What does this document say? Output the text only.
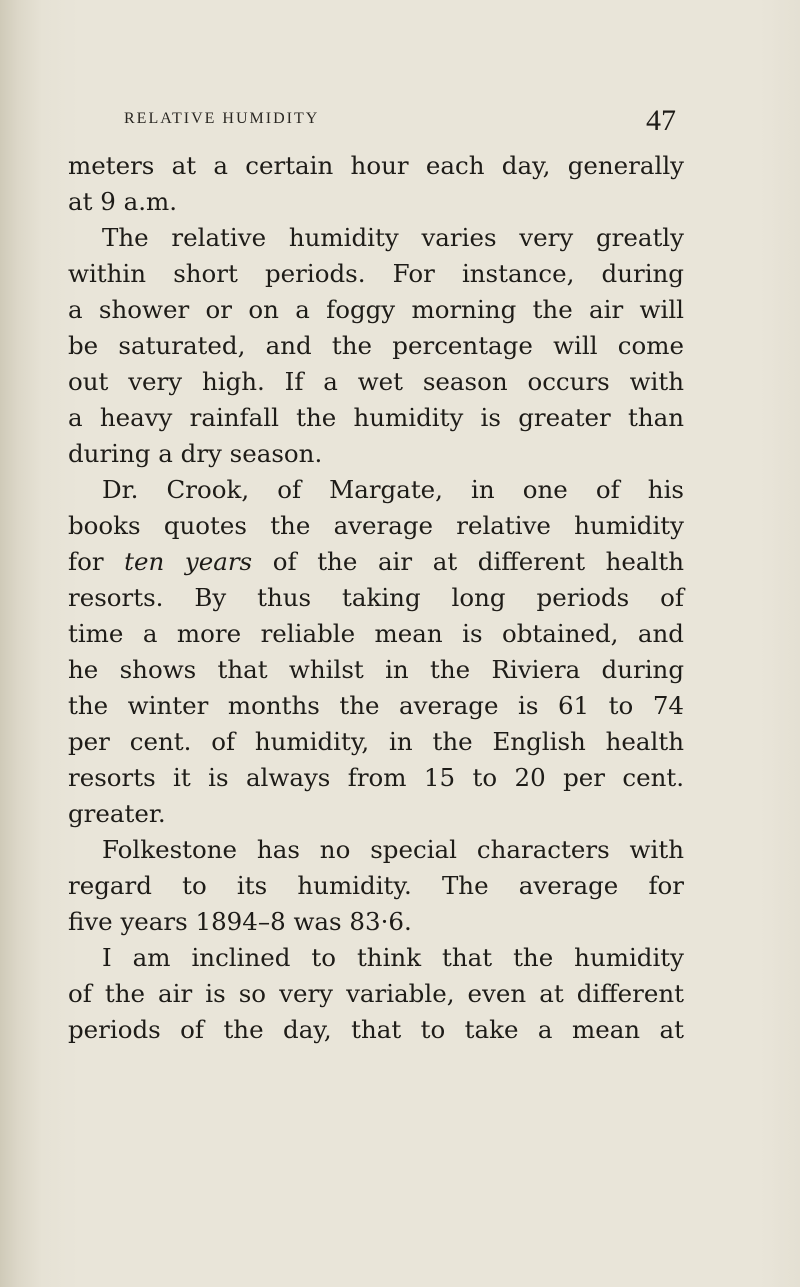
RELATIVE HUMIDITY	47
meters at a certain hour each day, generally
at 9 a.m.
The relative humidity varies very greatly
within short periods. For instance, during
a shower or on a foggy morning the air will
be saturated, and the percentage will come
out very high. If a wet season occurs with
a heavy rainfall the humidity is greater than
during a dry season.
Dr. Crook, of Margate, in one of his
books quotes the average relative humidity
for ten years of the air at different health
resorts. By thus taking long periods of
time a more reliable mean is obtained, and
he shows that whilst in the Riviera during
the winter months the average is 61 to 74
per cent. of humidity, in the English health
resorts it is always from 15 to 20 per cent.
greater.
Folkestone has no special characters with
regard to its humidity. The average for
five years 1894–8 was 83·6.
I am inclined to think that the humidity
of the air is so very variable, even at different
periods of the day, that to take a mean at
